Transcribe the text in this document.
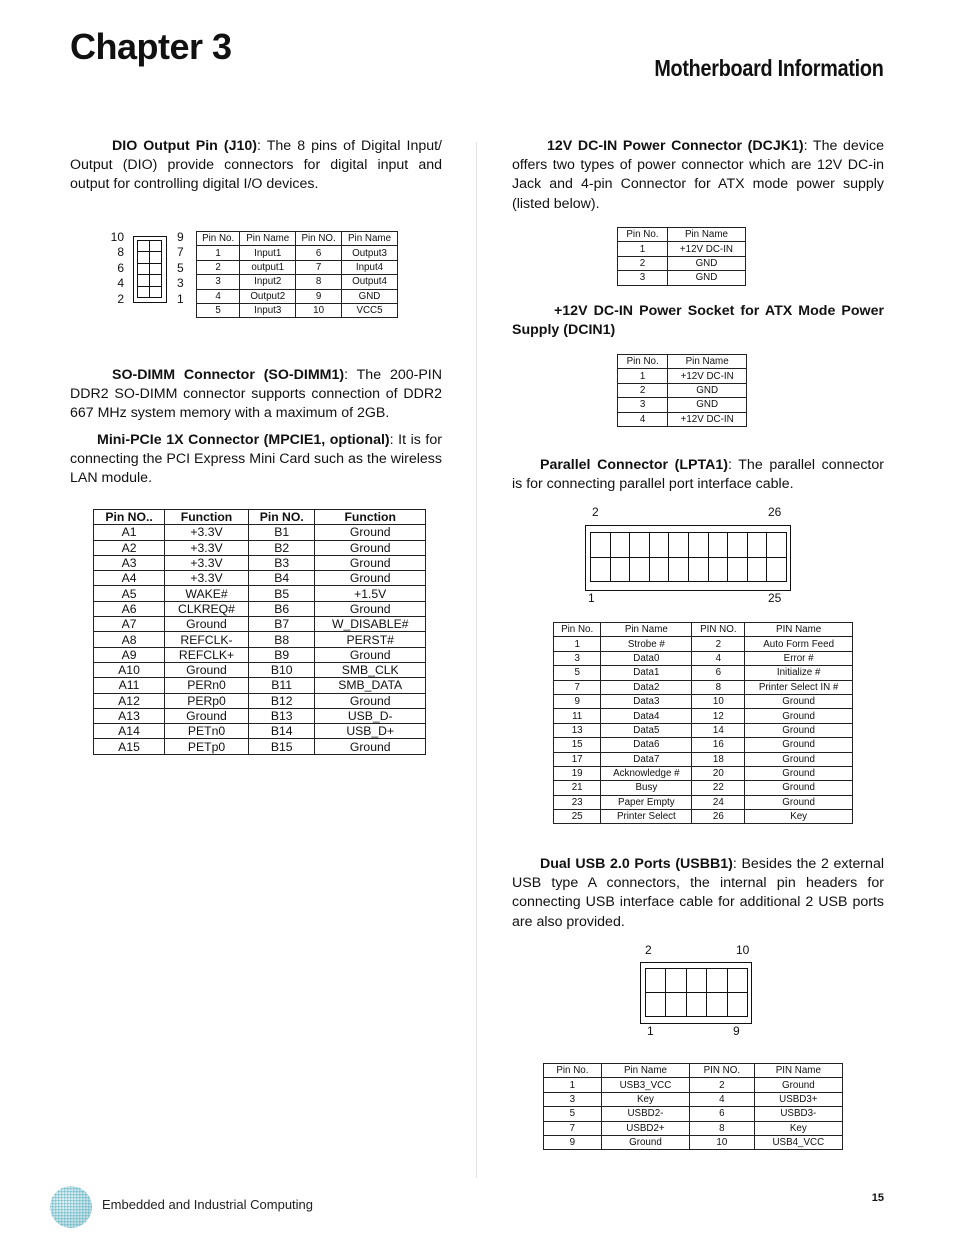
Chapter 3
Motherboard Information

DIO Output Pin (J10): The 8 pins of Digital Input/ Output (DIO) provide connectors for digital input and output for controlling digital I/O devices.

10
8
6
4
2
9
7
5
3
1
Pin No.	Pin Name	Pin NO.	Pin Name
1	Input1	6	Output3
2	output1	7	Input4
3	Input2	8	Output4
4	Output2	9	GND
5	Input3	10	VCC5

SO-DIMM Connector (SO-DIMM1): The 200-PIN DDR2 SO-DIMM connector supports connection of DDR2 667 MHz system memory with a maximum of 2GB.

Mini-PCIe 1X Connector (MPCIE1, optional): It is for connecting the PCI Express Mini Card such as the wireless LAN module.

Pin NO..	Function	Pin NO.	Function
A1	+3.3V	B1	Ground
A2	+3.3V	B2	Ground
A3	+3.3V	B3	Ground
A4	+3.3V	B4	Ground
A5	WAKE#	B5	+1.5V
A6	CLKREQ#	B6	Ground
A7	Ground	B7	W_DISABLE#
A8	REFCLK-	B8	PERST#
A9	REFCLK+	B9	Ground
A10	Ground	B10	SMB_CLK
A11	PERn0	B11	SMB_DATA
A12	PERp0	B12	Ground
A13	Ground	B13	USB_D-
A14	PETn0	B14	USB_D+
A15	PETp0	B15	Ground

12V DC-IN Power Connector (DCJK1): The device offers two types of power connector which are 12V DC-in Jack and 4-pin Connector for ATX mode power supply (listed below).

Pin No.	Pin Name
1	+12V DC-IN
2	GND
3	GND

+12V DC-IN Power Socket for ATX Mode Power Supply (DCIN1)

Pin No.	Pin Name
1	+12V DC-IN
2	GND
3	GND
4	+12V DC-IN

Parallel Connector (LPTA1): The parallel connector is for connecting parallel port interface cable.

2	26
1	25
Pin No.	Pin Name	PIN NO.	PIN Name
1	Strobe #	2	Auto Form Feed
3	Data0	4	Error #
5	Data1	6	Initialize #
7	Data2	8	Printer Select IN #
9	Data3	10	Ground
11	Data4	12	Ground
13	Data5	14	Ground
15	Data6	16	Ground
17	Data7	18	Ground
19	Acknowledge #	20	Ground
21	Busy	22	Ground
23	Paper Empty	24	Ground
25	Printer Select	26	Key

Dual USB 2.0 Ports (USBB1): Besides the 2 external USB type A connectors, the internal pin headers for connecting USB interface cable for additional 2 USB ports are also provided.

2	10
1	9
Pin No.	Pin Name	PIN NO.	PIN Name
1	USB3_VCC	2	Ground
3	Key	4	USBD3+
5	USBD2-	6	USBD3-
7	USBD2+	8	Key
9	Ground	10	USB4_VCC
Embedded and Industrial Computing	15
